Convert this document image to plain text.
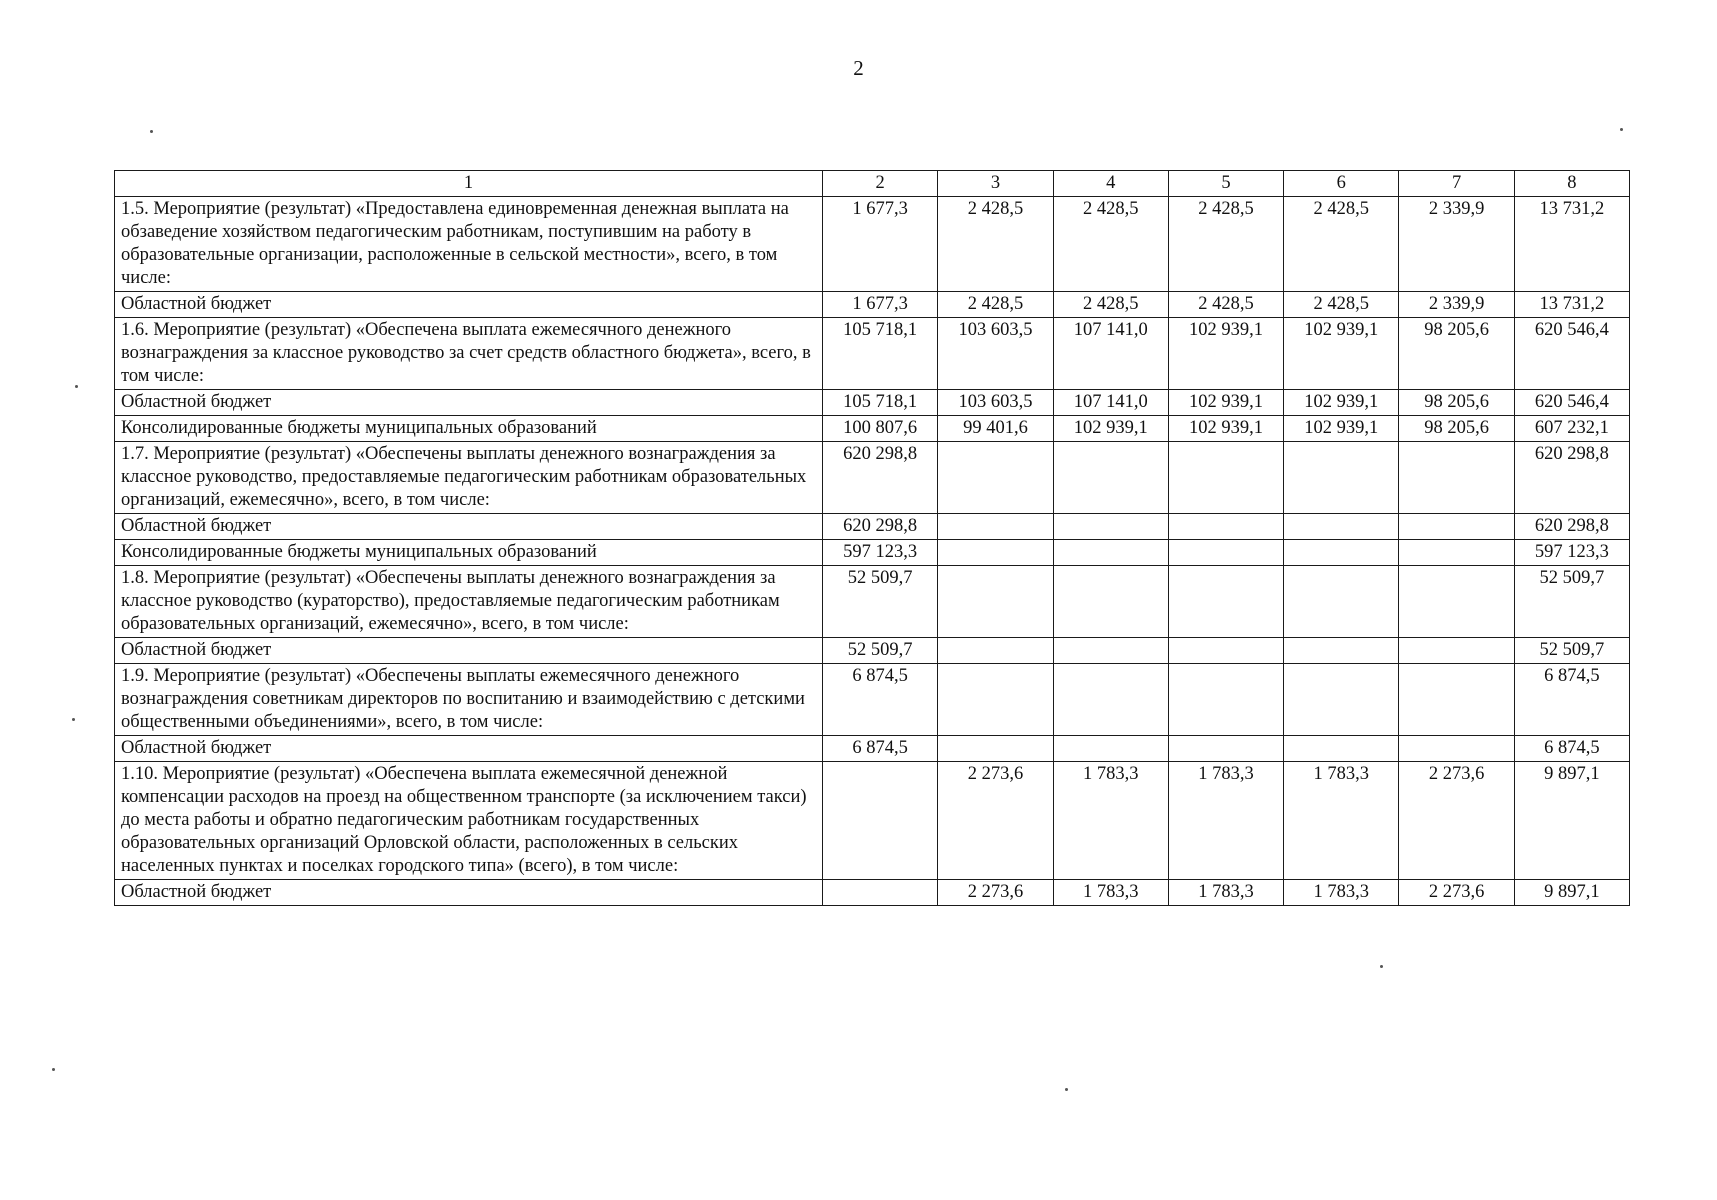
2
1	2	3	4	5	6	7	8
1.5. Мероприятие (результат) «Предоставлена единовременная денежная выплата на обзаведение хозяйством педагогическим работникам, поступившим на работу в образовательные организации, расположенные в сельской местности», всего, в том числе:	1 677,3	2 428,5	2 428,5	2 428,5	2 428,5	2 339,9	13 731,2
Областной бюджет	1 677,3	2 428,5	2 428,5	2 428,5	2 428,5	2 339,9	13 731,2
1.6. Мероприятие (результат) «Обеспечена выплата ежемесячного денежного вознаграждения за классное руководство за счет средств областного бюджета», всего, в том числе:	105 718,1	103 603,5	107 141,0	102 939,1	102 939,1	98 205,6	620 546,4
Областной бюджет	105 718,1	103 603,5	107 141,0	102 939,1	102 939,1	98 205,6	620 546,4
Консолидированные бюджеты муниципальных образований	100 807,6	99 401,6	102 939,1	102 939,1	102 939,1	98 205,6	607 232,1
1.7. Мероприятие (результат) «Обеспечены выплаты денежного вознаграждения за классное руководство, предоставляемые педагогическим работникам образовательных организаций, ежемесячно», всего, в том числе:	620 298,8						620 298,8
Областной бюджет	620 298,8						620 298,8
Консолидированные бюджеты муниципальных образований	597 123,3						597 123,3
1.8. Мероприятие (результат) «Обеспечены выплаты денежного вознаграждения за классное руководство (кураторство), предоставляемые педагогическим работникам образовательных организаций, ежемесячно», всего, в том числе:	52 509,7						52 509,7
Областной бюджет	52 509,7						52 509,7
1.9. Мероприятие (результат) «Обеспечены выплаты ежемесячного денежного вознаграждения советникам директоров по воспитанию и взаимодействию с детскими общественными объединениями», всего, в том числе:	6 874,5						6 874,5
Областной бюджет	6 874,5						6 874,5
1.10. Мероприятие (результат) «Обеспечена выплата ежемесячной денежной компенсации расходов на проезд на общественном транспорте (за исключением такси) до места работы и обратно педагогическим работникам государственных образовательных организаций Орловской области, расположенных в сельских населенных пунктах и поселках городского типа» (всего), в том числе:		2 273,6	1 783,3	1 783,3	1 783,3	2 273,6	9 897,1
Областной бюджет		2 273,6	1 783,3	1 783,3	1 783,3	2 273,6	9 897,1
